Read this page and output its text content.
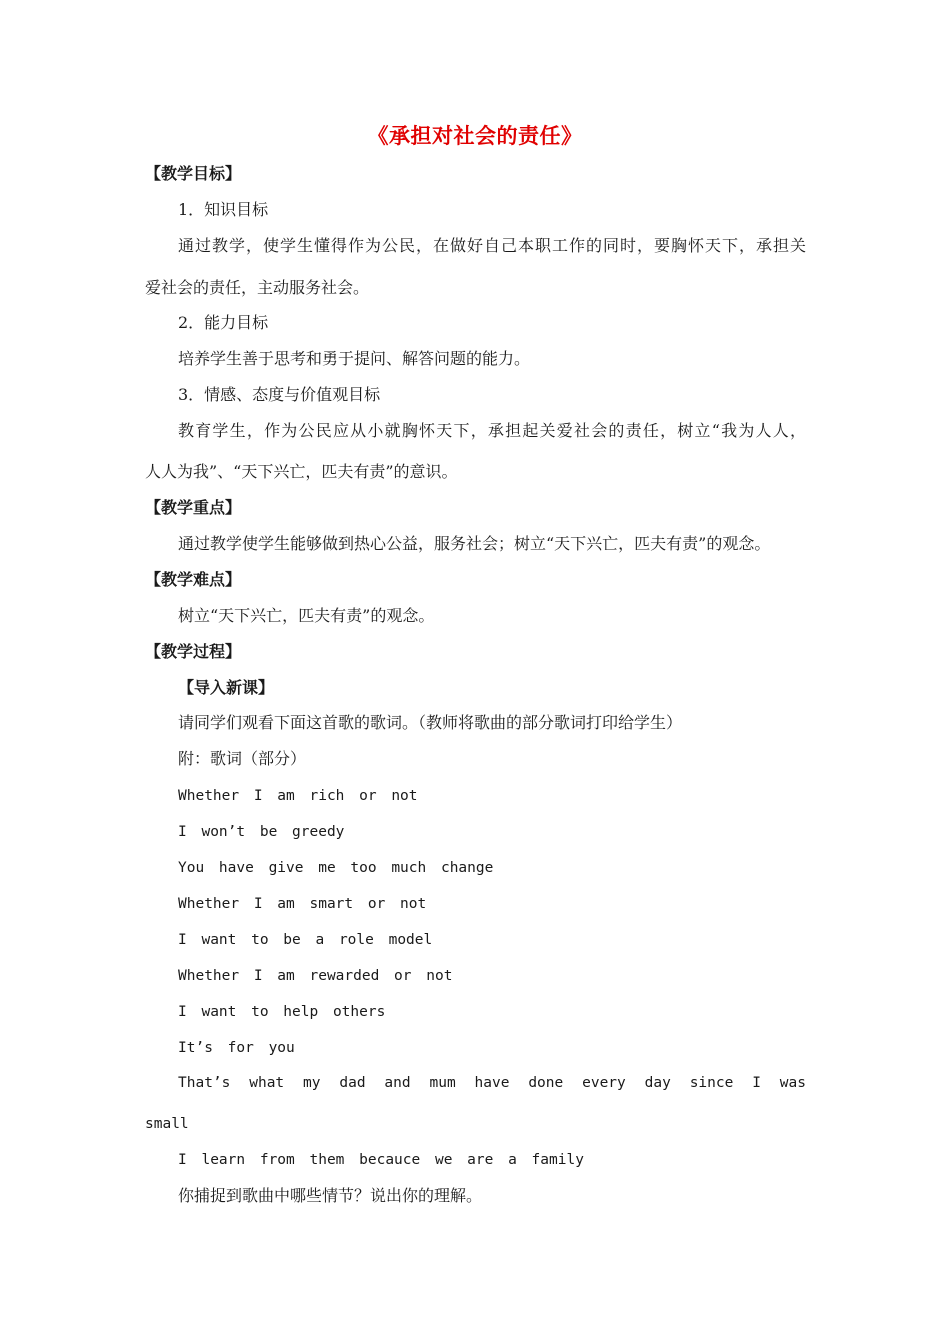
《承担对社会的责任》
【教学目标】
1．知识目标
通过教学，使学生懂得作为公民，在做好自己本职工作的同时，要胸怀天下，承担关
爱社会的责任，主动服务社会。
2．能力目标
培养学生善于思考和勇于提问、解答问题的能力。
3．情感、态度与价值观目标
教育学生，作为公民应从小就胸怀天下，承担起关爱社会的责任，树立“我为人人，
人人为我”、“天下兴亡，匹夫有责”的意识。
【教学重点】
通过教学使学生能够做到热心公益，服务社会；树立“天下兴亡，匹夫有责”的观念。
【教学难点】
树立“天下兴亡，匹夫有责”的观念。
【教学过程】
【导入新课】
请同学们观看下面这首歌的歌词。（教师将歌曲的部分歌词打印给学生）
附：歌词（部分）
Whether I am rich or not
I won’t be greedy
You have give me too much change
Whether I am smart or not
I want to be a role model
Whether I am rewarded or not
I want to help others
It’s for you
That’s what my dad and mum have done every day since I was
small
I learn from them becauce we are a family
你捕捉到歌曲中哪些情节？说出你的理解。
